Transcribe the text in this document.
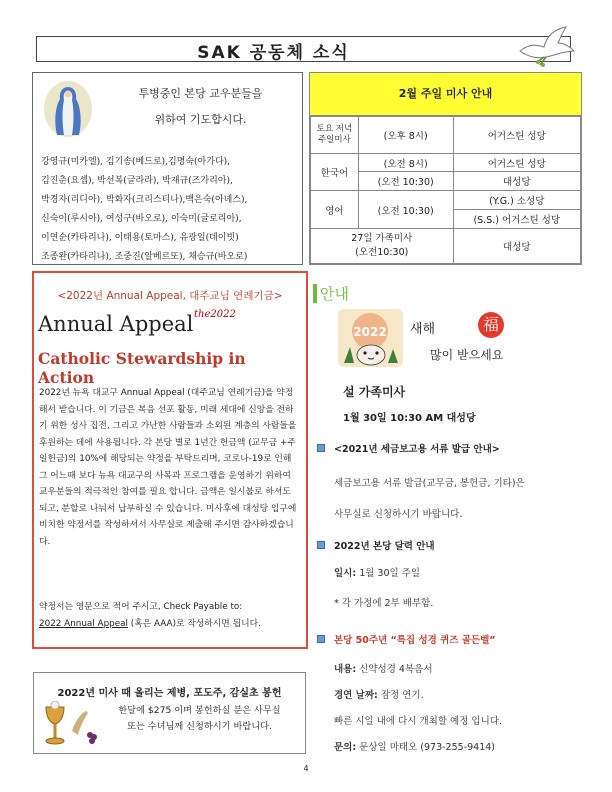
SAK 공동체 소식
투병중인 본당 교우분들을
위하여 기도합시다.
강영규(미카엘), 김기송(베드로),김명숙(아가다),
김진춘(요셉), 박선복(글라라), 박재규(즈가리아),
박경자(리디아), 박화자(크리스티나),백은숙(아녜스),
신숙이(루시아), 여성구(바오로), 이숙미(글로리아),
이연순(카타리나), 이태용(토마스), 유광일(데이빗)
조종완(카타리나), 조중진(알베르또), 채승규(바오로)
2월 주일 미사 안내
토요 저녁
주일미사	(오후 8시)	어거스틴 성당
한국어	(오전 8시)	어거스틴 성당
	(오전 10:30)	대성당
영어	(오전 10:30)	(Y.G.) 소성당
		(S.S.) 어거스틴 성당

27일 가족미사
(오전10:30)		대성당
<2022년 Annual Appeal, 대주교님 연례기금>
Annual Appeal the2022
Catholic Stewardship in Action
2022년 뉴욕 대교구 Annual Appeal (대주교님 연례기금)을 약정해서 받습니다. 이 기금은 복음 선포 활동, 미래 세대에 신앙을 전하기 위한 성사 집전, 그리고 가난한 사람들과 소외된 계층의 사람들을 후원하는 데에 사용됩니다. 각 본당 별로 1년간 헌금액 (교무금 +주일헌금)의 10%에 해당되는 약정을 부탁드리며, 코로나-19로 인해 그 어느때 보다 뉴욕 대교구의 사목과 프로그램을 운영하기 위하여 교우분들의 적극적인 참여를 필요 합니다. 금액은 일시불로 하셔도 되고, 분할로 나눠서 납부하실 수 있습니다. 미사후에 대성당 입구에 비치한 약정서를 작성하셔서 사무실로 제출해 주시면 감사하겠습니다.
약정서는 영문으로 적어 주시고, Check Payable to:
2022 Annual Appeal (혹은 AAA)로 작성하시면 됩니다.
2022년 미사 때 올리는 제병, 포도주, 감실초 봉헌
한달에 $275 이며 봉헌하실 분은 사무실
또는 수녀님께 신청하시기 바랍니다.
안내
2022 새해	福
많이 받으세요
설 가족미사
1월 30일 10:30 AM 대성당
<2021년 세금보고용 서류 발급 안내>
세금보고용 서류 발급(교무금, 봉헌금, 기타)은
사무실로 신청하시기 바랍니다.
2022년 본당 달력 안내
일시: 1월 30일 주일
* 각 가정에 2부 배부함.
본당 50주년 “특집 성경 퀴즈 골든벨”
내용: 신약성경 4복음서
경연 날짜: 잠정 연기.
빠른 시일 내에 다시 개최할 예정 입니다.
문의: 문상일 마태오 (973-255-9414)
4
